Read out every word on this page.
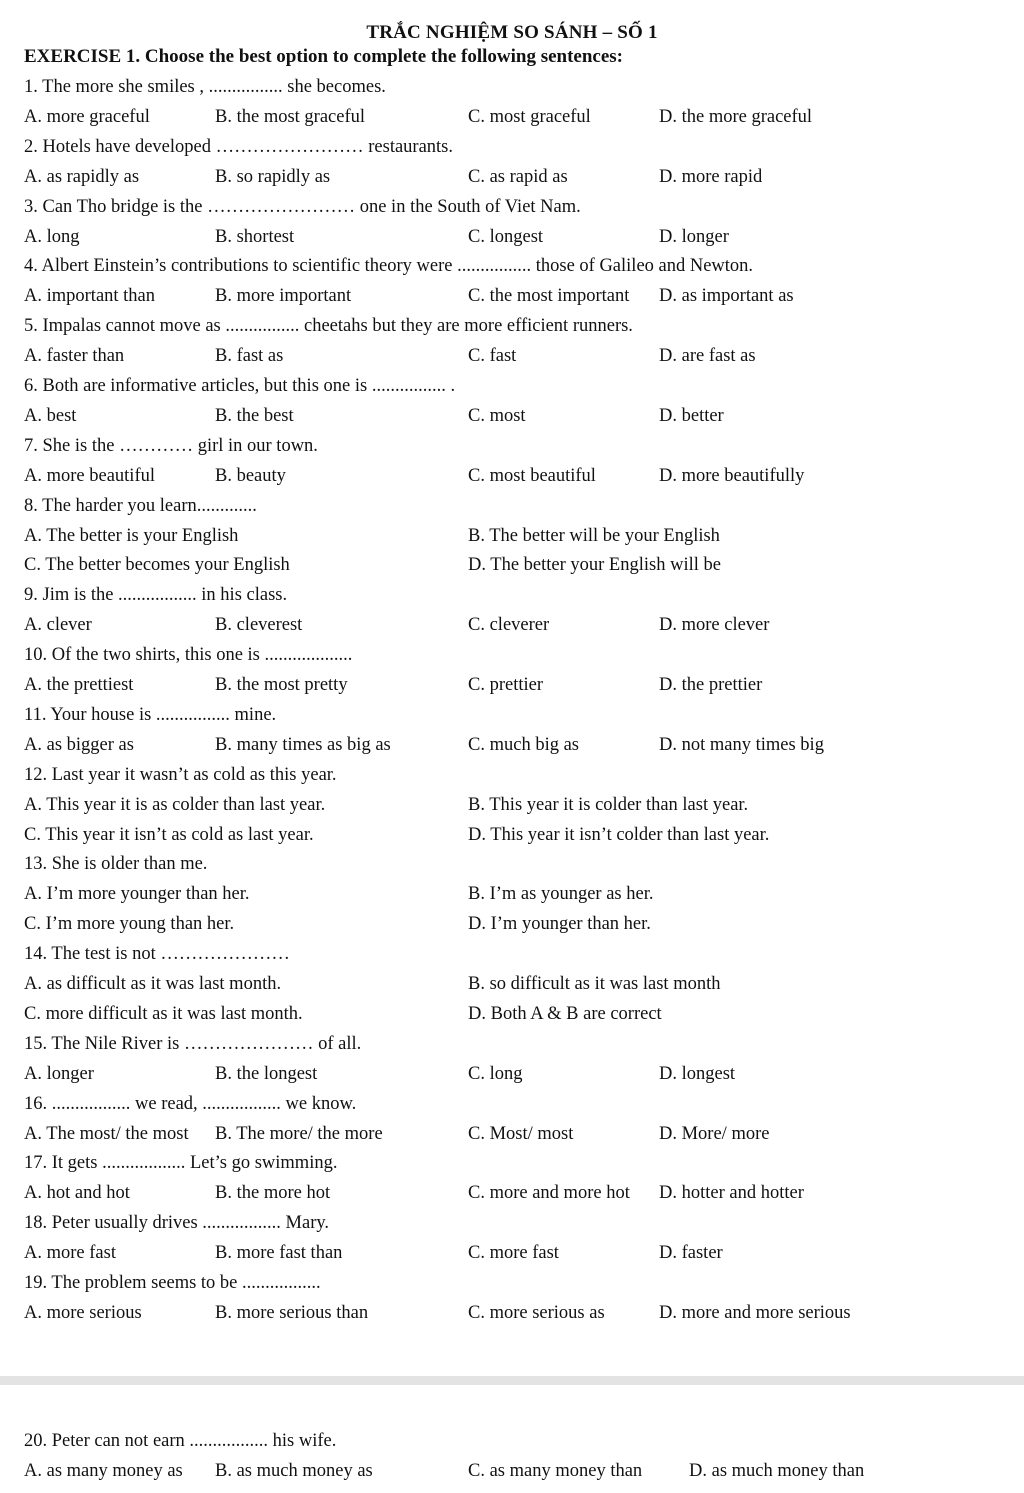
TRẮC NGHIỆM SO SÁNH – SỐ 1
EXERCISE 1. Choose the best option to complete the following sentences:
1. The more she smiles , ................ she becomes.
A. more graceful	B. the most graceful	C. most graceful	D. the more graceful
2. Hotels have developed …………………… restaurants.
A. as rapidly as	B. so rapidly as	C. as rapid as	D. more rapid
3. Can Tho bridge is the …………………… one in the South of Viet Nam.
A. long	B. shortest	C. longest	D. longer
4. Albert Einstein’s contributions to scientific theory were ................ those of Galileo and Newton.
A. important than	B. more important	C. the most important D. as important as
5. Impalas cannot move as ................ cheetahs but they are more efficient runners.
A. faster than	B. fast as	C. fast	D. are fast as
6. Both are informative articles, but this one is ................ .
A. best	B. the best	C. most	D. better
7. She is the ………… girl in our town.
A. more beautiful	B. beauty	C. most beautiful	D. more beautifully
8. The harder you learn.............
A. The better is your English	B. The better will be your English
C. The better becomes your English	D. The better your English will be
9. Jim is the ................. in his class.
A. clever	B. cleverest	C. cleverer	D. more clever
10. Of the two shirts, this one is ...................
A. the prettiest	B. the most pretty	C. prettier	D. the prettier
11. Your house is ................ mine.
A. as bigger as	B. many times as big as	C. much big as	D. not many times big
12. Last year it wasn’t as cold as this year.
A. This year it is as colder than last year.	B. This year it is colder than last year.
C. This year it isn’t as cold as last year.	D. This year it isn’t colder than last year.
13. She is older than me.
A. I’m more younger than her.	B. I’m as younger as her.
C. I’m more young than her.	D. I’m younger than her.
14. The test is not …………………
A. as difficult as it was last month.	B. so difficult as it was last month
C. more difficult as it was last month.	D. Both A & B are correct
15. The Nile River is ………………… of all.
A. longer	B. the longest	C. long	D. longest
16. ................. we read, ................. we know.
A. The most/ the most B. The more/ the more	C. Most/ most	D. More/ more
17. It gets .................. Let’s go swimming.
A. hot and hot	B. the more hot	C. more and more hot D. hotter and hotter
18. Peter usually drives ................. Mary.
A. more fast	B. more fast than	C. more fast	D. faster
19. The problem seems to be .................
A. more serious	B. more serious than	C. more serious as	D. more and more serious
20. Peter can not earn ................. his wife.
A. as many money as B. as much money as	C. as many money than	D. as much money than
